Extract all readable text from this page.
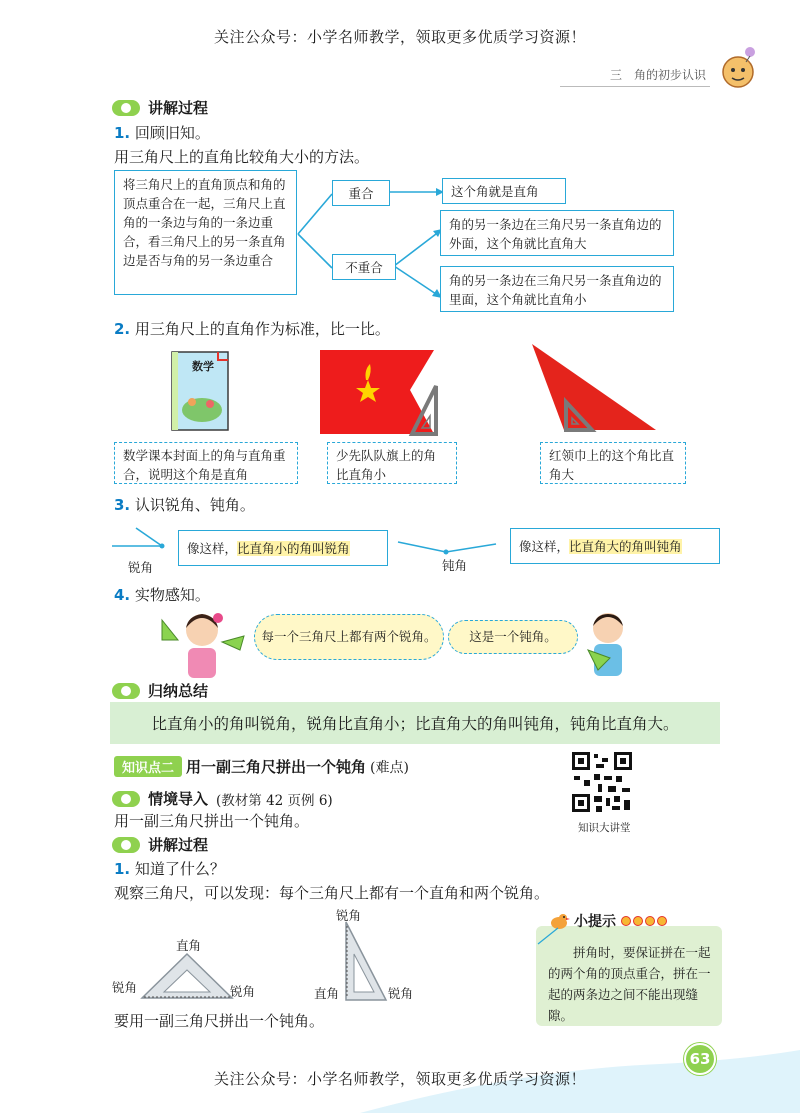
关注公众号：小学名师教学，领取更多优质学习资源！
三　角的初步认识
讲解过程
1. 回顾旧知。
用三角尺上的直角比较角大小的方法。
将三角尺上的直角顶点和角的顶点重合在一起，三角尺上直角的一条边与角的一条边重合，看三角尺上的另一条直角边是否与角的另一条边重合
重合	这个角就是直角
不重合
角的另一条边在三角尺另一条直角边的外面，这个角就比直角大
角的另一条边在三角尺另一条直角边的里面，这个角就比直角小
2. 用三角尺上的直角作为标准，比一比。
数学
数学课本封面上的角与直角重合，说明这个角是直角
少先队队旗上的角比直角小
红领巾上的这个角比直角大
3. 认识锐角、钝角。
锐角
像这样，比直角小的角叫锐角
钝角
像这样，比直角大的角叫钝角
4. 实物感知。
每一个三角尺上都有两个锐角。	这是一个钝角。
归纳总结
比直角小的角叫锐角，锐角比直角小；比直角大的角叫钝角，钝角比直角大。
知识点二 用一副三角尺拼出一个钝角 (难点)
知识大讲堂
情境导入 (教材第 42 页例 6)
用一副三角尺拼出一个钝角。
讲解过程
1. 知道了什么？
观察三角尺，可以发现：每个三角尺上都有一个直角和两个锐角。
直角
锐角	锐角
锐角
直角	锐角
要用一副三角尺拼出一个钝角。
拼角时，要保证拼在一起的两个角的顶点重合，拼在一起的两条边之间不能出现缝隙。
小提示
63
关注公众号：小学名师教学，领取更多优质学习资源！
